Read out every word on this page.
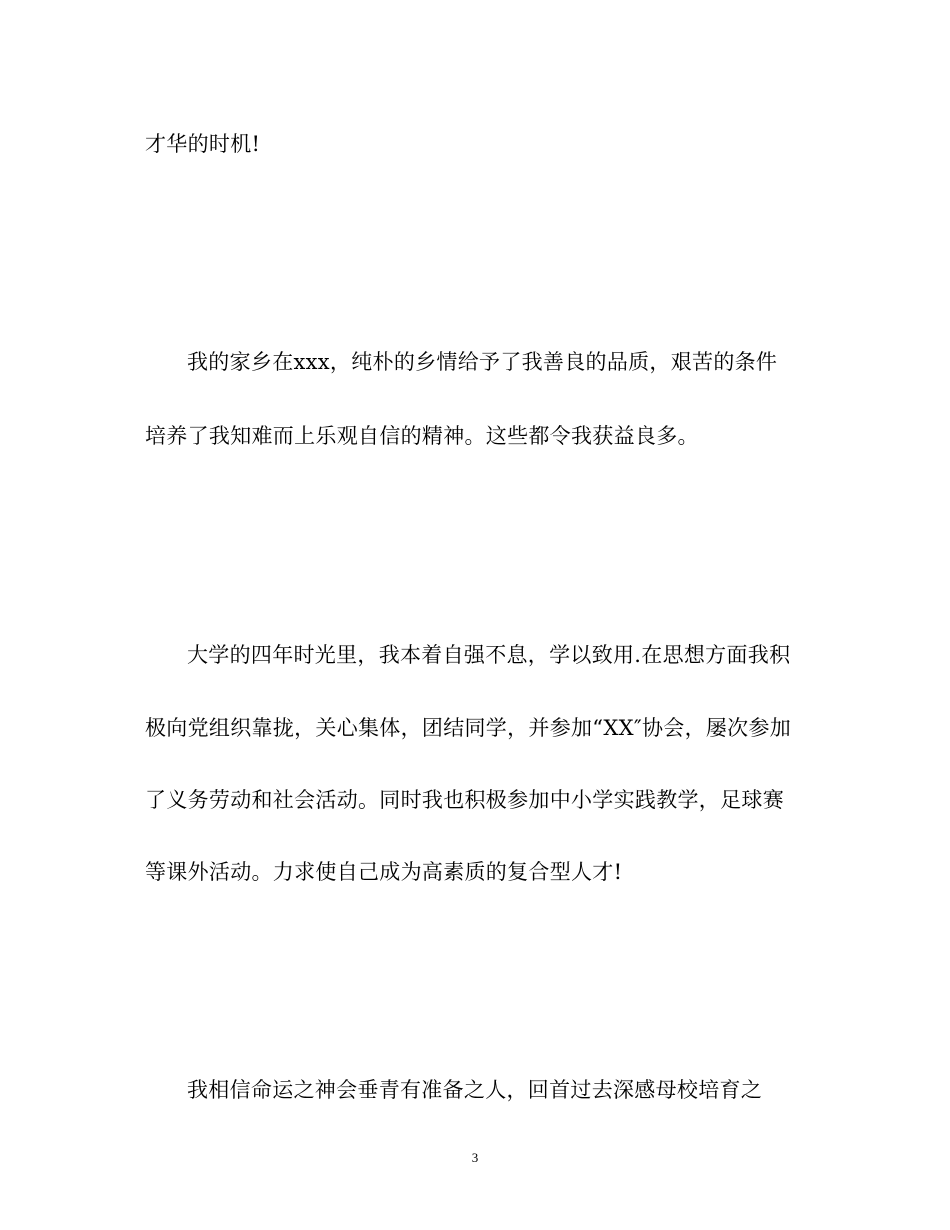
才华的时机!

我的家乡在xxx，纯朴的乡情给予了我善良的品质，艰苦的条件

培养了我知难而上乐观自信的精神。这些都令我获益良多。

大学的四年时光里，我本着自强不息，学以致用.在思想方面我积

极向党组织靠拢，关心集体，团结同学，并参加“XX″协会，屡次参加

了义务劳动和社会活动。同时我也积极参加中小学实践教学，足球赛

等课外活动。力求使自己成为高素质的复合型人才!

我相信命运之神会垂青有准备之人，回首过去深感母校培育之

3
